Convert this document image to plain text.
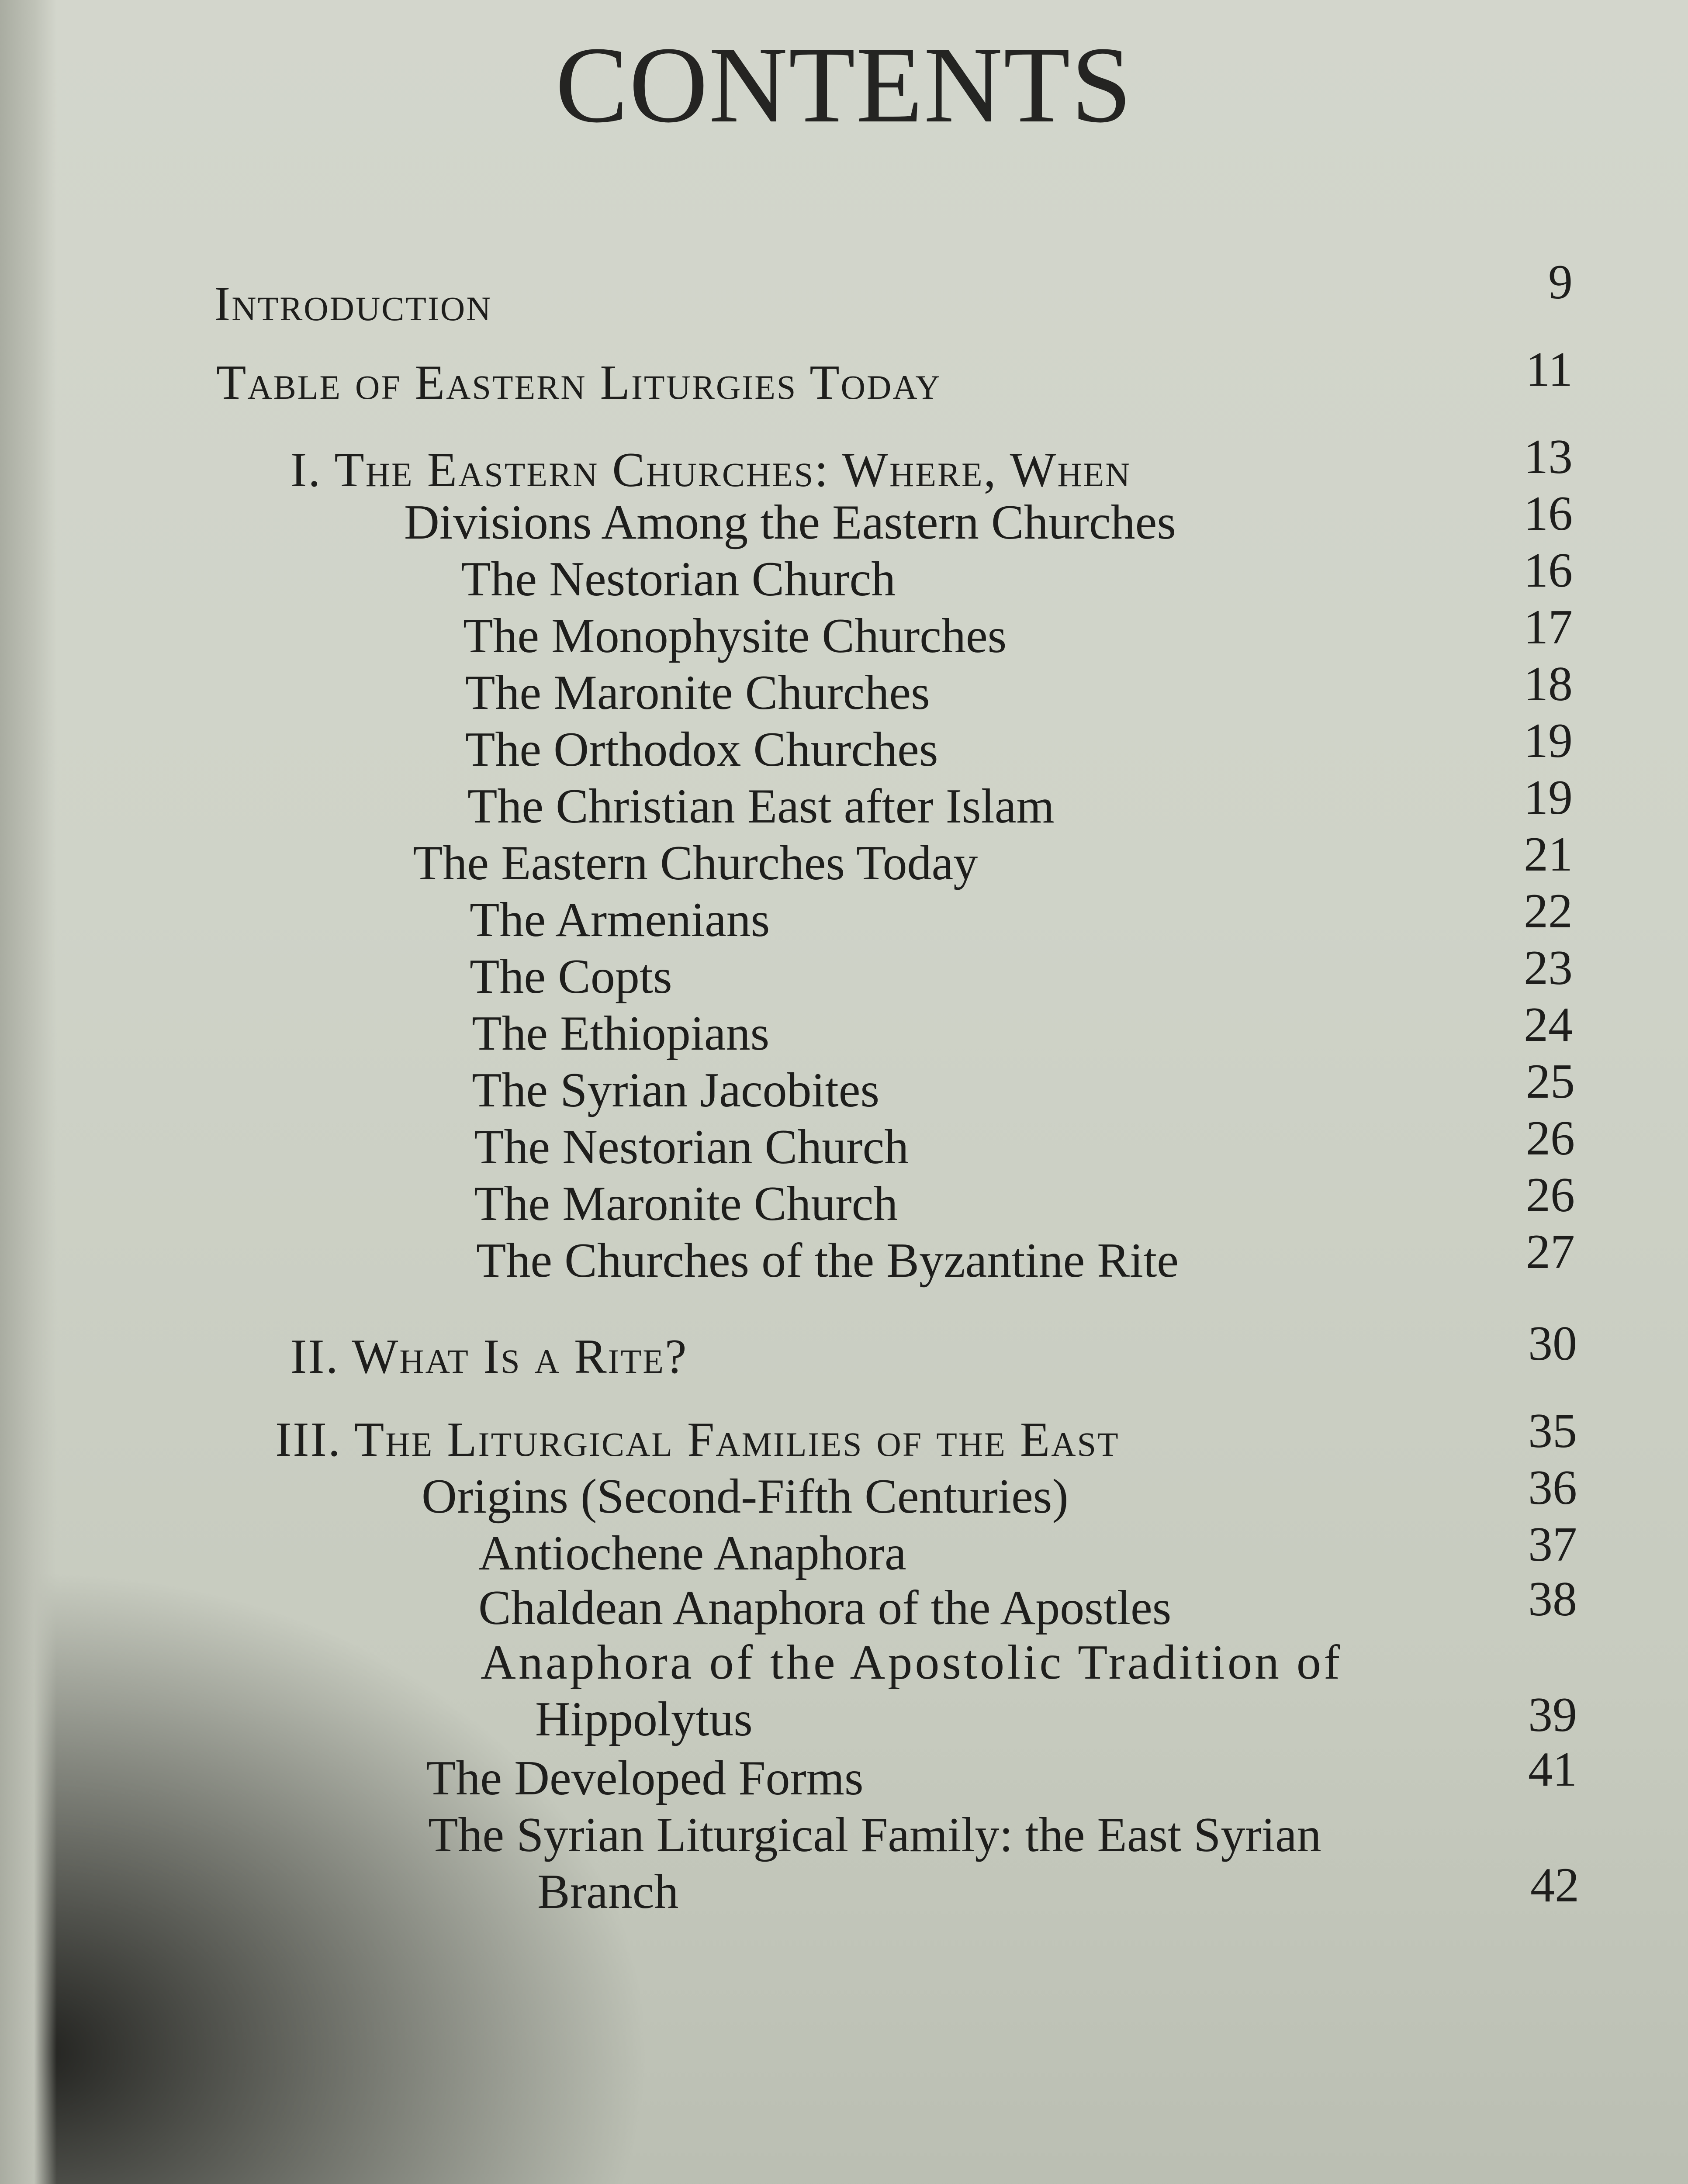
CONTENTS
Introduction	9
Table of Eastern Liturgies Today	11
I. The Eastern Churches: Where, When	13
Divisions Among the Eastern Churches	16
The Nestorian Church	16
The Monophysite Churches	17
The Maronite Churches	18
The Orthodox Churches	19
The Christian East after Islam	19
The Eastern Churches Today	21
The Armenians	22
The Copts	23
The Ethiopians	24
The Syrian Jacobites	25
The Nestorian Church	26
The Maronite Church	26
The Churches of the Byzantine Rite	27
II. What Is a Rite?	30
III. The Liturgical Families of the East	35
Origins (Second-Fifth Centuries)	36
Antiochene Anaphora	37
Chaldean Anaphora of the Apostles	38
Anaphora of the Apostolic Tradition of
Hippolytus	39
The Developed Forms	41
The Syrian Liturgical Family: the East Syrian
Branch	42
